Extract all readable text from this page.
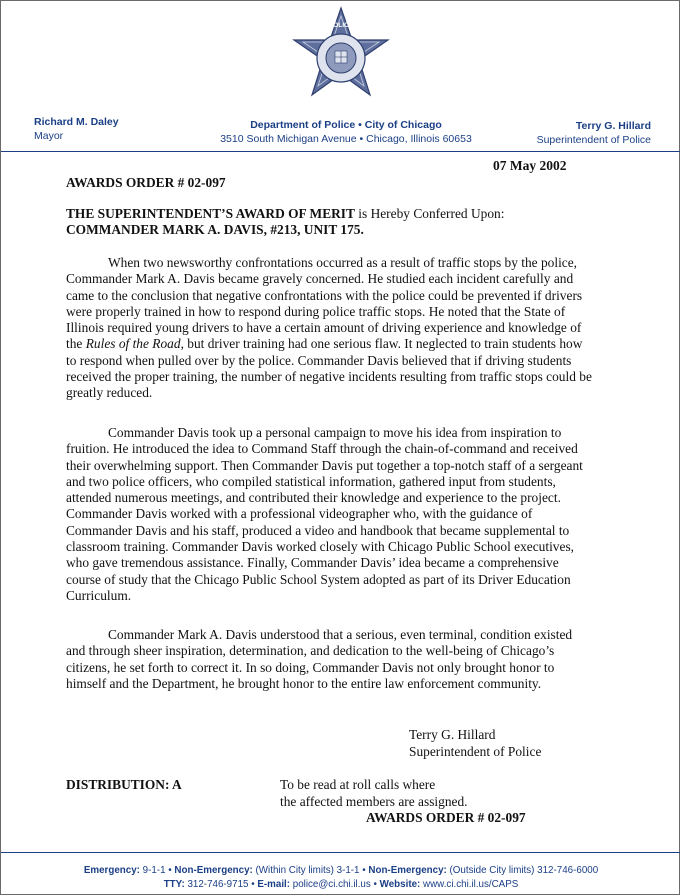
POLICE
Richard M. Daley
Mayor
Department of Police • City of Chicago
3510 South Michigan Avenue • Chicago, Illinois 60653
Terry G. Hillard
Superintendent of Police
07 May 2002
AWARDS ORDER # 02-097
THE SUPERINTENDENT’S AWARD OF MERIT is Hereby Conferred Upon:
COMMANDER MARK A. DAVIS, #213, UNIT 175.
When two newsworthy confrontations occurred as a result of traffic stops by the police,
Commander Mark A. Davis became gravely concerned. He studied each incident carefully and
came to the conclusion that negative confrontations with the police could be prevented if drivers
were properly trained in how to respond during police traffic stops. He noted that the State of
Illinois required young drivers to have a certain amount of driving experience and knowledge of
the Rules of the Road, but driver training had one serious flaw. It neglected to train students how
to respond when pulled over by the police. Commander Davis believed that if driving students
received the proper training, the number of negative incidents resulting from traffic stops could be
greatly reduced.
Commander Davis took up a personal campaign to move his idea from inspiration to
fruition. He introduced the idea to Command Staff through the chain-of-command and received
their overwhelming support. Then Commander Davis put together a top-notch staff of a sergeant
and two police officers, who compiled statistical information, gathered input from students,
attended numerous meetings, and contributed their knowledge and experience to the project.
Commander Davis worked with a professional videographer who, with the guidance of
Commander Davis and his staff, produced a video and handbook that became supplemental to
classroom training. Commander Davis worked closely with Chicago Public School executives,
who gave tremendous assistance. Finally, Commander Davis’ idea became a comprehensive
course of study that the Chicago Public School System adopted as part of its Driver Education
Curriculum.
Commander Mark A. Davis understood that a serious, even terminal, condition existed
and through sheer inspiration, determination, and dedication to the well-being of Chicago’s
citizens, he set forth to correct it. In so doing, Commander Davis not only brought honor to
himself and the Department, he brought honor to the entire law enforcement community.
Terry G. Hillard
Superintendent of Police
DISTRIBUTION: A	To be read at roll calls where
the affected members are assigned.
AWARDS ORDER # 02-097
Emergency: 9-1-1 • Non-Emergency: (Within City limits) 3-1-1 • Non-Emergency: (Outside City limits) 312-746-6000
TTY: 312-746-9715 • E-mail: police@ci.chi.il.us • Website: www.ci.chi.il.us/CAPS
